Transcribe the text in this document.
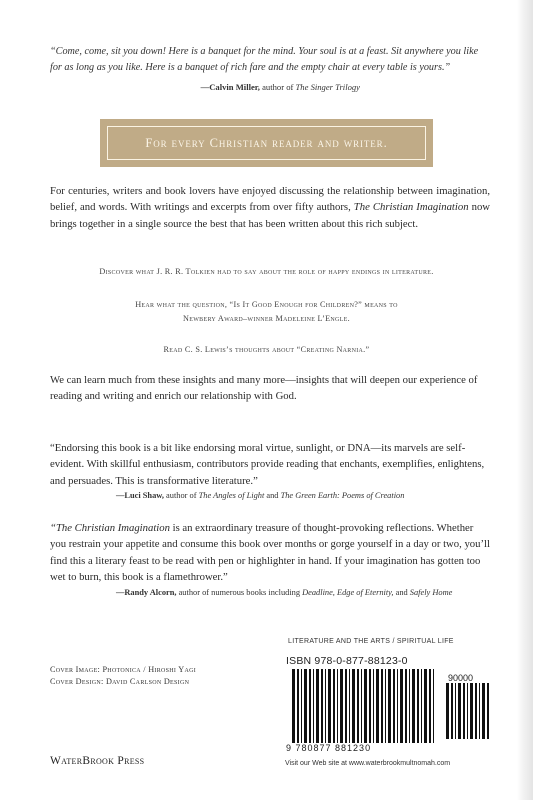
“Come, come, sit you down! Here is a banquet for the mind. Your soul is at a feast. Sit anywhere you like for as long as you like. Here is a banquet of rich fare and the empty chair at every table is yours.”
—Calvin Miller, author of The Singer Trilogy
For every Christian reader and writer.
For centuries, writers and book lovers have enjoyed discussing the relationship between imagination, belief, and words. With writings and excerpts from over fifty authors, The Christian Imagination now brings together in a single source the best that has been written about this rich subject.
Discover what J. R. R. Tolkien had to say about the role of happy endings in literature.
Hear what the question, “Is It Good Enough for Children?” means to
Newbery Award–winner Madeleine L’Engle.
Read C. S. Lewis’s thoughts about “Creating Narnia.”
We can learn much from these insights and many more—insights that will deepen our experience of reading and writing and enrich our relationship with God.
“Endorsing this book is a bit like endorsing moral virtue, sunlight, or DNA—its marvels are self-evident. With skillful enthusiasm, contributors provide reading that enchants, exemplifies, enlightens, and persuades. This is transformative literature.”
—Luci Shaw, author of The Angles of Light and The Green Earth: Poems of Creation
“The Christian Imagination is an extraordinary treasure of thought-provoking reflections. Whether you restrain your appetite and consume this book over months or gorge yourself in a day or two, you’ll find this a literary feast to be read with pen or highlighter in hand. If your imagination has gotten too wet to burn, this book is a flamethrower.”
—Randy Alcorn, author of numerous books including Deadline, Edge of Eternity, and Safely Home
LITERATURE AND THE ARTS / SPIRITUAL LIFE
Cover Image: Photonica / Hiroshi Yagi
Cover Design: David Carlson Design
ISBN 978-0-877-88123-0
90000
9 780877 881230
WaterBrook Press	Visit our Web site at www.waterbrookmultnomah.com
